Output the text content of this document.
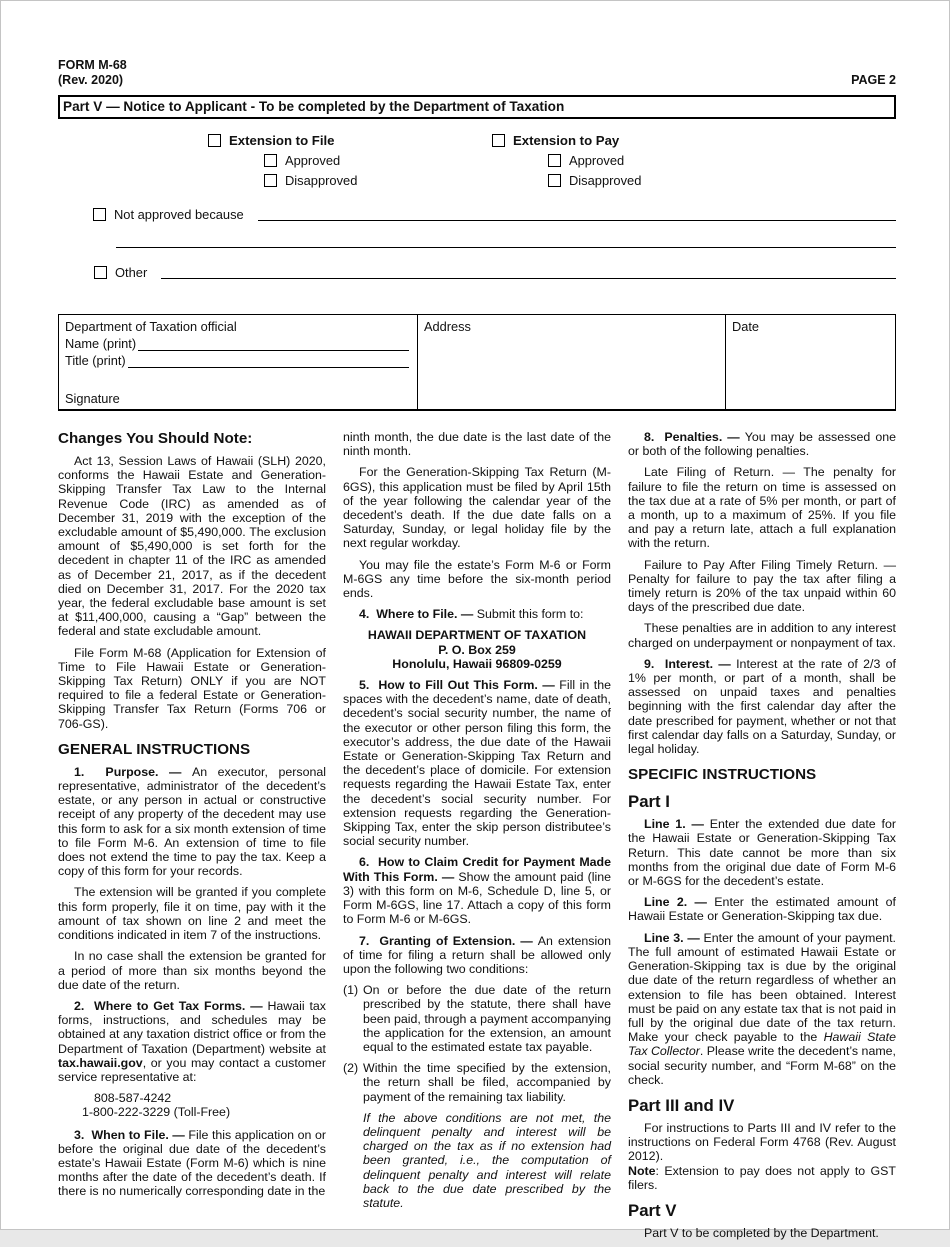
FORM M-68
(Rev. 2020)	PAGE 2
Part V — Notice to Applicant - To be completed by the Department of Taxation
Extension to File
Approved
Disapproved
Extension to Pay
Approved
Disapproved
Not approved because
Other
Department of Taxation official
Name (print)
Title (print)
Signature
Address	Date
Changes You Should Note:

Act 13, Session Laws of Hawaii (SLH) 2020, conforms the Hawaii Estate and Generation-Skipping Transfer Tax Law to the Internal Revenue Code (IRC) as amended as of December 31, 2019 with the exception of the excludable amount of $5,490,000. The exclusion amount of $5,490,000 is set forth for the decedent in chapter 11 of the IRC as amended as of December 21, 2017, as if the decedent died on December 31, 2017. For the 2020 tax year, the federal excludable base amount is set at $11,400,000, causing a “Gap” between the federal and state excludable amount.

File Form M-68 (Application for Extension of Time to File Hawaii Estate or Generation-Skipping Tax Return) ONLY if you are NOT required to file a federal Estate or Generation-Skipping Transfer Tax Return (Forms 706 or 706-GS).

GENERAL INSTRUCTIONS

1.  Purpose. — An executor, personal representative, administrator of the decedent’s estate, or any person in actual or constructive receipt of any property of the decedent may use this form to ask for a six month extension of time to file Form M-6. An extension of time to file does not extend the time to pay the tax. Keep a copy of this form for your records.

The extension will be granted if you complete this form properly, file it on time, pay with it the amount of tax shown on line 2 and meet the conditions indicated in item 7 of the instructions.

In no case shall the extension be granted for a period of more than six months beyond the due date of the return.

2.  Where to Get Tax Forms. — Hawaii tax forms, instructions, and schedules may be obtained at any taxation district office or from the Department of Taxation (Department) website at tax.hawaii.gov, or you may contact a customer service representative at:

808-587-4242
1-800-222-3229 (Toll-Free)

3.  When to File. — File this application on or before the original due date of the decedent’s estate’s Hawaii Estate (Form M-6) which is nine months after the date of the decedent’s death. If there is no numerically corresponding date in the

ninth month, the due date is the last date of the ninth month.

For the Generation-Skipping Tax Return (M-6GS), this application must be filed by April 15th of the year following the calendar year of the decedent’s death. If the due date falls on a Saturday, Sunday, or legal holiday file by the next regular workday.

You may file the estate’s Form M-6 or Form M-6GS any time before the six-month period ends.

4.  Where to File. — Submit this form to:

HAWAII DEPARTMENT OF TAXATION
P. O. Box 259
Honolulu, Hawaii 96809-0259

5.  How to Fill Out This Form. — Fill in the spaces with the decedent’s name, date of death, decedent’s social security number, the name of the executor or other person filing this form, the executor’s address, the due date of the Hawaii Estate or Generation-Skipping Tax Return and the decedent’s place of domicile. For extension requests regarding the Hawaii Estate Tax, enter the decedent’s social security number. For extension requests regarding the Generation-Skipping Tax, enter the skip person distributee’s social security number.

6.  How to Claim Credit for Payment Made With This Form. — Show the amount paid (line 3) with this form on M-6, Schedule D, line 5, or Form M-6GS, line 17. Attach a copy of this form to Form M-6 or M-6GS.

7.  Granting of Extension. — An extension of time for filing a return shall be allowed only upon the following two conditions:

(1) On or before the due date of the return prescribed by the statute, there shall have been paid, through a payment accompanying the application for the extension, an amount equal to the estimated estate tax payable.
(2) Within the time specified by the extension, the return shall be filed, accompanied by payment of the remaining tax liability.

If the above conditions are not met, the delinquent penalty and interest will be charged on the tax as if no extension had been granted, i.e., the computation of delinquent penalty and interest will relate back to the due date prescribed by the statute.

8.  Penalties. — You may be assessed one or both of the following penalties.

Late Filing of Return. — The penalty for failure to file the return on time is assessed on the tax due at a rate of 5% per month, or part of a month, up to a maximum of 25%. If you file and pay a return late, attach a full explanation with the return.

Failure to Pay After Filing Timely Return. — Penalty for failure to pay the tax after filing a timely return is 20% of the tax unpaid within 60 days of the prescribed due date.

These penalties are in addition to any interest charged on underpayment or nonpayment of tax.

9.  Interest. — Interest at the rate of 2/3 of 1% per month, or part of a month, shall be assessed on unpaid taxes and penalties beginning with the first calendar day after the date prescribed for payment, whether or not that first calendar day falls on a Saturday, Sunday, or legal holiday.

SPECIFIC INSTRUCTIONS
Part I

Line 1. — Enter the extended due date for the Hawaii Estate or Generation-Skipping Tax Return. This date cannot be more than six months from the original due date of Form M-6 or M-6GS for the decedent’s estate.

Line 2. — Enter the estimated amount of Hawaii Estate or Generation-Skipping tax due.

Line 3. — Enter the amount of your payment. The full amount of estimated Hawaii Estate or Generation-Skipping tax is due by the original due date of the return regardless of whether an extension to file has been obtained. Interest must be paid on any estate tax that is not paid in full by the original due date of the tax return. Make your check payable to the Hawaii State Tax Collector. Please write the decedent’s name, social security number, and “Form M-68” on the check.

Part III and IV

For instructions to Parts III and IV refer to the instructions on Federal Form 4768 (Rev. August 2012).

Note: Extension to pay does not apply to GST filers.

Part V

Part V to be completed by the Department.
